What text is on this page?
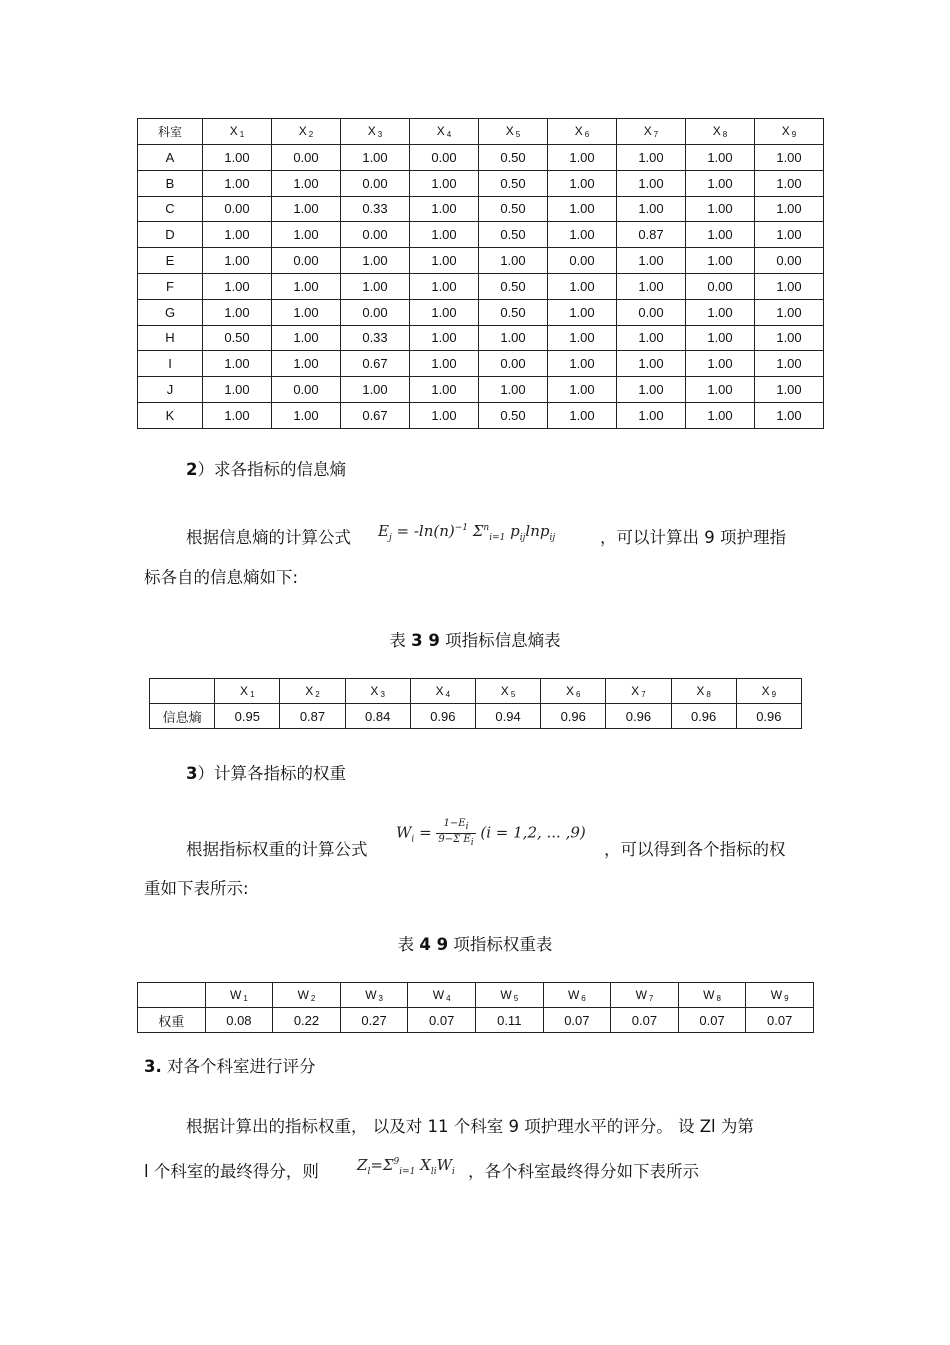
科室	X $_1$	X $_2$	X $_3$	X $_4$	X $_5$	X $_6$	X $_7$	X $_8$	X $_9$
A	1.00	0.00	1.00	0.00	0.50	1.00	1.00	1.00	1.00
B	1.00	1.00	0.00	1.00	0.50	1.00	1.00	1.00	1.00
C	0.00	1.00	0.33	1.00	0.50	1.00	1.00	1.00	1.00
D	1.00	1.00	0.00	1.00	0.50	1.00	0.87	1.00	1.00
E	1.00	0.00	1.00	1.00	1.00	0.00	1.00	1.00	0.00
F	1.00	1.00	1.00	1.00	0.50	1.00	1.00	0.00	1.00
G	1.00	1.00	0.00	1.00	0.50	1.00	0.00	1.00	1.00
H	0.50	1.00	0.33	1.00	1.00	1.00	1.00	1.00	1.00
I	1.00	1.00	0.67	1.00	0.00	1.00	1.00	1.00	1.00
J	1.00	0.00	1.00	1.00	1.00	1.00	1.00	1.00	1.00
K	1.00	1.00	0.67	1.00	0.50	1.00	1.00	1.00	1.00
2）求各指标的信息熵
根据信息熵的计算公式 $E_j = -\ln(n)^{-1}$ $\Sigma^n_{i=1}$ $p_{ij}\ln p_{ij}$	，可以计算出 9 项护理指
标各自的信息熵如下:
表 3 9 项指标信息熵表
	X $_1$	X $_2$	X $_3$	X $_4$	X $_5$	X $_6$	X $_7$	X $_8$	X $_9$
信息熵	0.95	0.87	0.84	0.96	0.94	0.96	0.96	0.96	0.96
3）计算各指标的权重
根据指标权重的计算公式
$W_i = \frac{1-E_i}{9-\Sigma E_i} (i = 1,2$, ... ,9)
，可以得到各个指标的权
重如下表所示:
表 4 9 项指标权重表
	W $_1$	W $_2$	W $_3$	W $_4$	W $_5$	W $_6$	W $_7$	W $_8$	W $_9$
权重	0.08	0.22	0.27	0.07	0.11	0.07	0.07	0.07	0.07
3. 对各个科室进行评分
根据计算出的指标权重， 以及对 11 个科室 9 项护理水平的评分。 设 Zl 为第
l 个科室的最终得分，则	$Z_l=\Sigma^9_{i=1}$ $X_{li}W_i$ ，各个科室最终得分如下表所示
